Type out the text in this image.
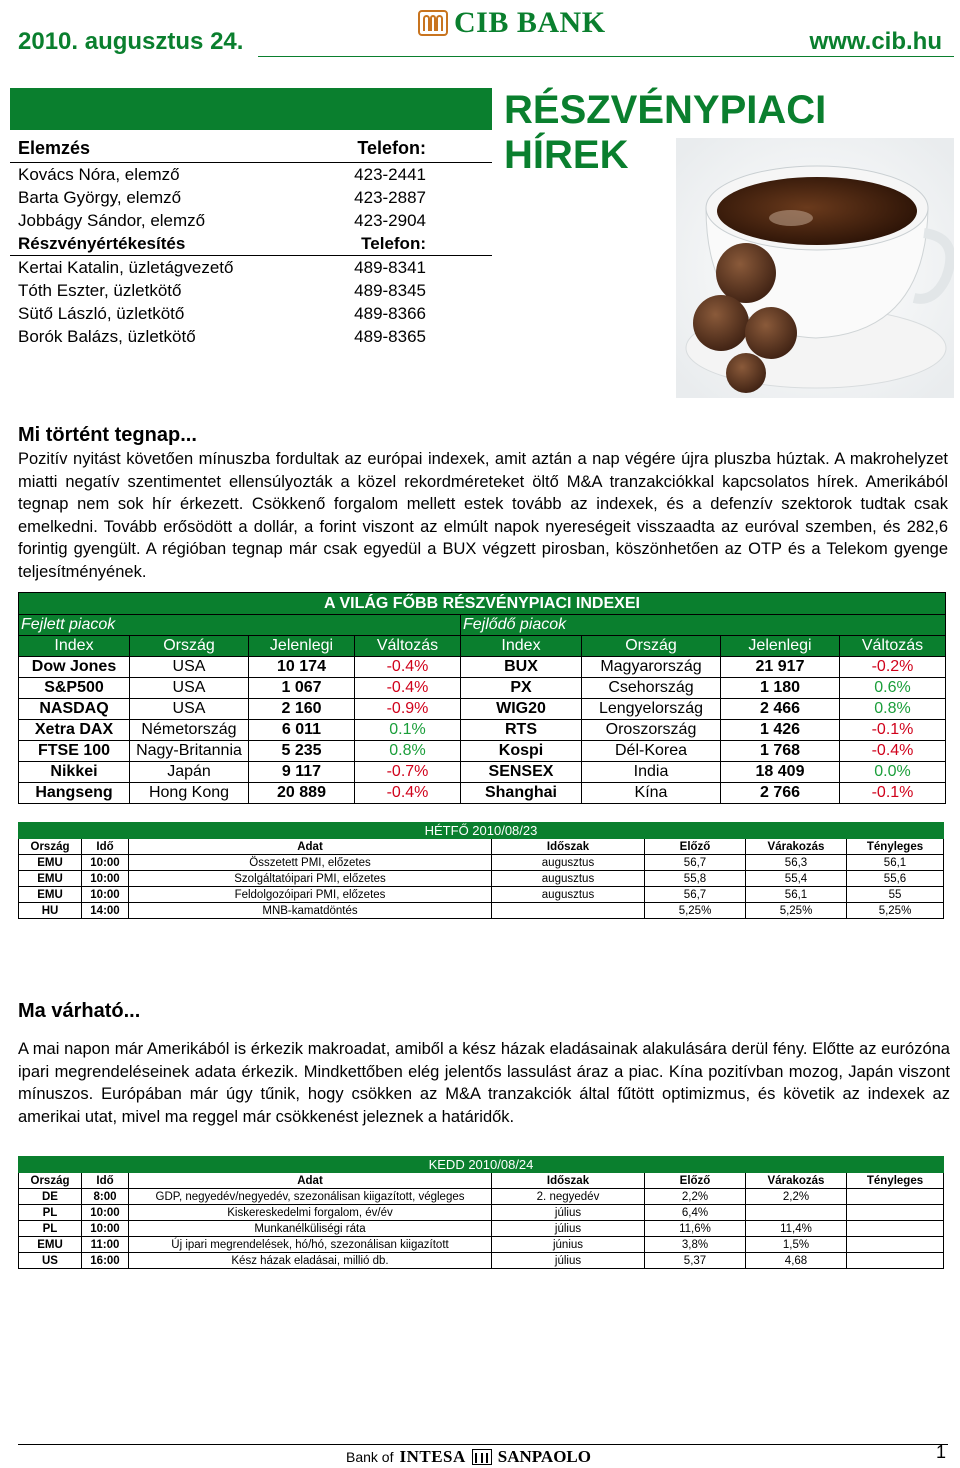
2010. augusztus 24.
CIB BANK
www.cib.hu
RÉSZVÉNYPIACI HÍREK
Elemzés	Telefon:
Kovács Nóra, elemző	423-2441
Barta György, elemző	423-2887
Jobbágy Sándor, elemző	423-2904
Részvényértékesítés	Telefon:
Kertai Katalin, üzletágvezető	489-8341
Tóth Eszter, üzletkötő	489-8345
Sütő László, üzletkötő	489-8366
Borók Balázs, üzletkötő	489-8365
Mi történt tegnap...
Pozitív nyitást követően mínuszba fordultak az európai indexek, amit aztán a nap végére újra pluszba húztak. A makrohelyzet miatti negatív szentimentet ellensúlyozták a közel rekordméreteket öltő M&A tranzakciókkal kapcsolatos hírek. Amerikából tegnap nem sok hír érkezett. Csökkenő forgalom mellett estek tovább az indexek, és a defenzív szektorok tudtak csak emelkedni. Tovább erősödött a dollár, a forint viszont az elmúlt napok nyereségeit visszaadta az euróval szemben, és 282,6 forintig gyengült. A régióban tegnap már csak egyedül a BUX végzett pirosban, köszönhetően az OTP és a Telekom gyenge teljesítményének.
A VILÁG FŐBB RÉSZVÉNYPIACI INDEXEI							
Fejlett piacok				Fejlődő piacok			
Index	Ország	Jelenlegi	Változás	Index	Ország	Jelenlegi	Változás
Dow Jones	USA	10 174	-0.4%	BUX	Magyarország	21 917	-0.2%
S&P500	USA	1 067	-0.4%	PX	Csehország	1 180	0.6%
NASDAQ	USA	2 160	-0.9%	WIG20	Lengyelország	2 466	0.8%
Xetra DAX	Németország	6 011	0.1%	RTS	Oroszország	1 426	-0.1%
FTSE 100	Nagy-Britannia	5 235	0.8%	Kospi	Dél-Korea	1 768	-0.4%
Nikkei	Japán	9 117	-0.7%	SENSEX	India	18 409	0.0%
Hangseng	Hong Kong	20 889	-0.4%	Shanghai	Kína	2 766	-0.1%
HÉTFŐ 2010/08/23						
Ország	Idő	Adat	Időszak	Előző	Várakozás	Tényleges
EMU	10:00	Összetett PMI, előzetes	augusztus	56,7	56,3	56,1
EMU	10:00	Szolgáltatóipari PMI, előzetes	augusztus	55,8	55,4	55,6
EMU	10:00	Feldolgozóipari PMI, előzetes	augusztus	56,7	56,1	55
HU	14:00	MNB-kamatdöntés		5,25%	5,25%	5,25%
Ma várható...
A mai napon már Amerikából is érkezik makroadat, amiből a kész házak eladásainak alakulására derül fény. Előtte az eurózóna ipari megrendeléseinek adata érkezik. Mindkettőben elég jelentős lassulást áraz a piac. Kína pozitívban mozog, Japán viszont mínuszos. Európában már úgy tűnik, hogy csökken az M&A tranzakciók által fűtött optimizmus, és követik az indexek az amerikai utat, mivel ma reggel már csökkenést jeleznek a határidők.
KEDD 2010/08/24						
Ország	Idő	Adat	Időszak	Előző	Várakozás	Tényleges
DE	8:00	GDP, negyedév/negyedév, szezonálisan kiigazított, végleges	2. negyedév	2,2%	2,2%	
PL	10:00	Kiskereskedelmi forgalom, év/év	július	6,4%		
PL	10:00	Munkanélküliségi ráta	július	11,6%	11,4%	
EMU	11:00	Új ipari megrendelések, hó/hó, szezonálisan kiigazított	június	3,8%	1,5%	
US	16:00	Kész házak eladásai, millió db.	július	5,37	4,68	
Bank of INTESA SANPAOLO	1
